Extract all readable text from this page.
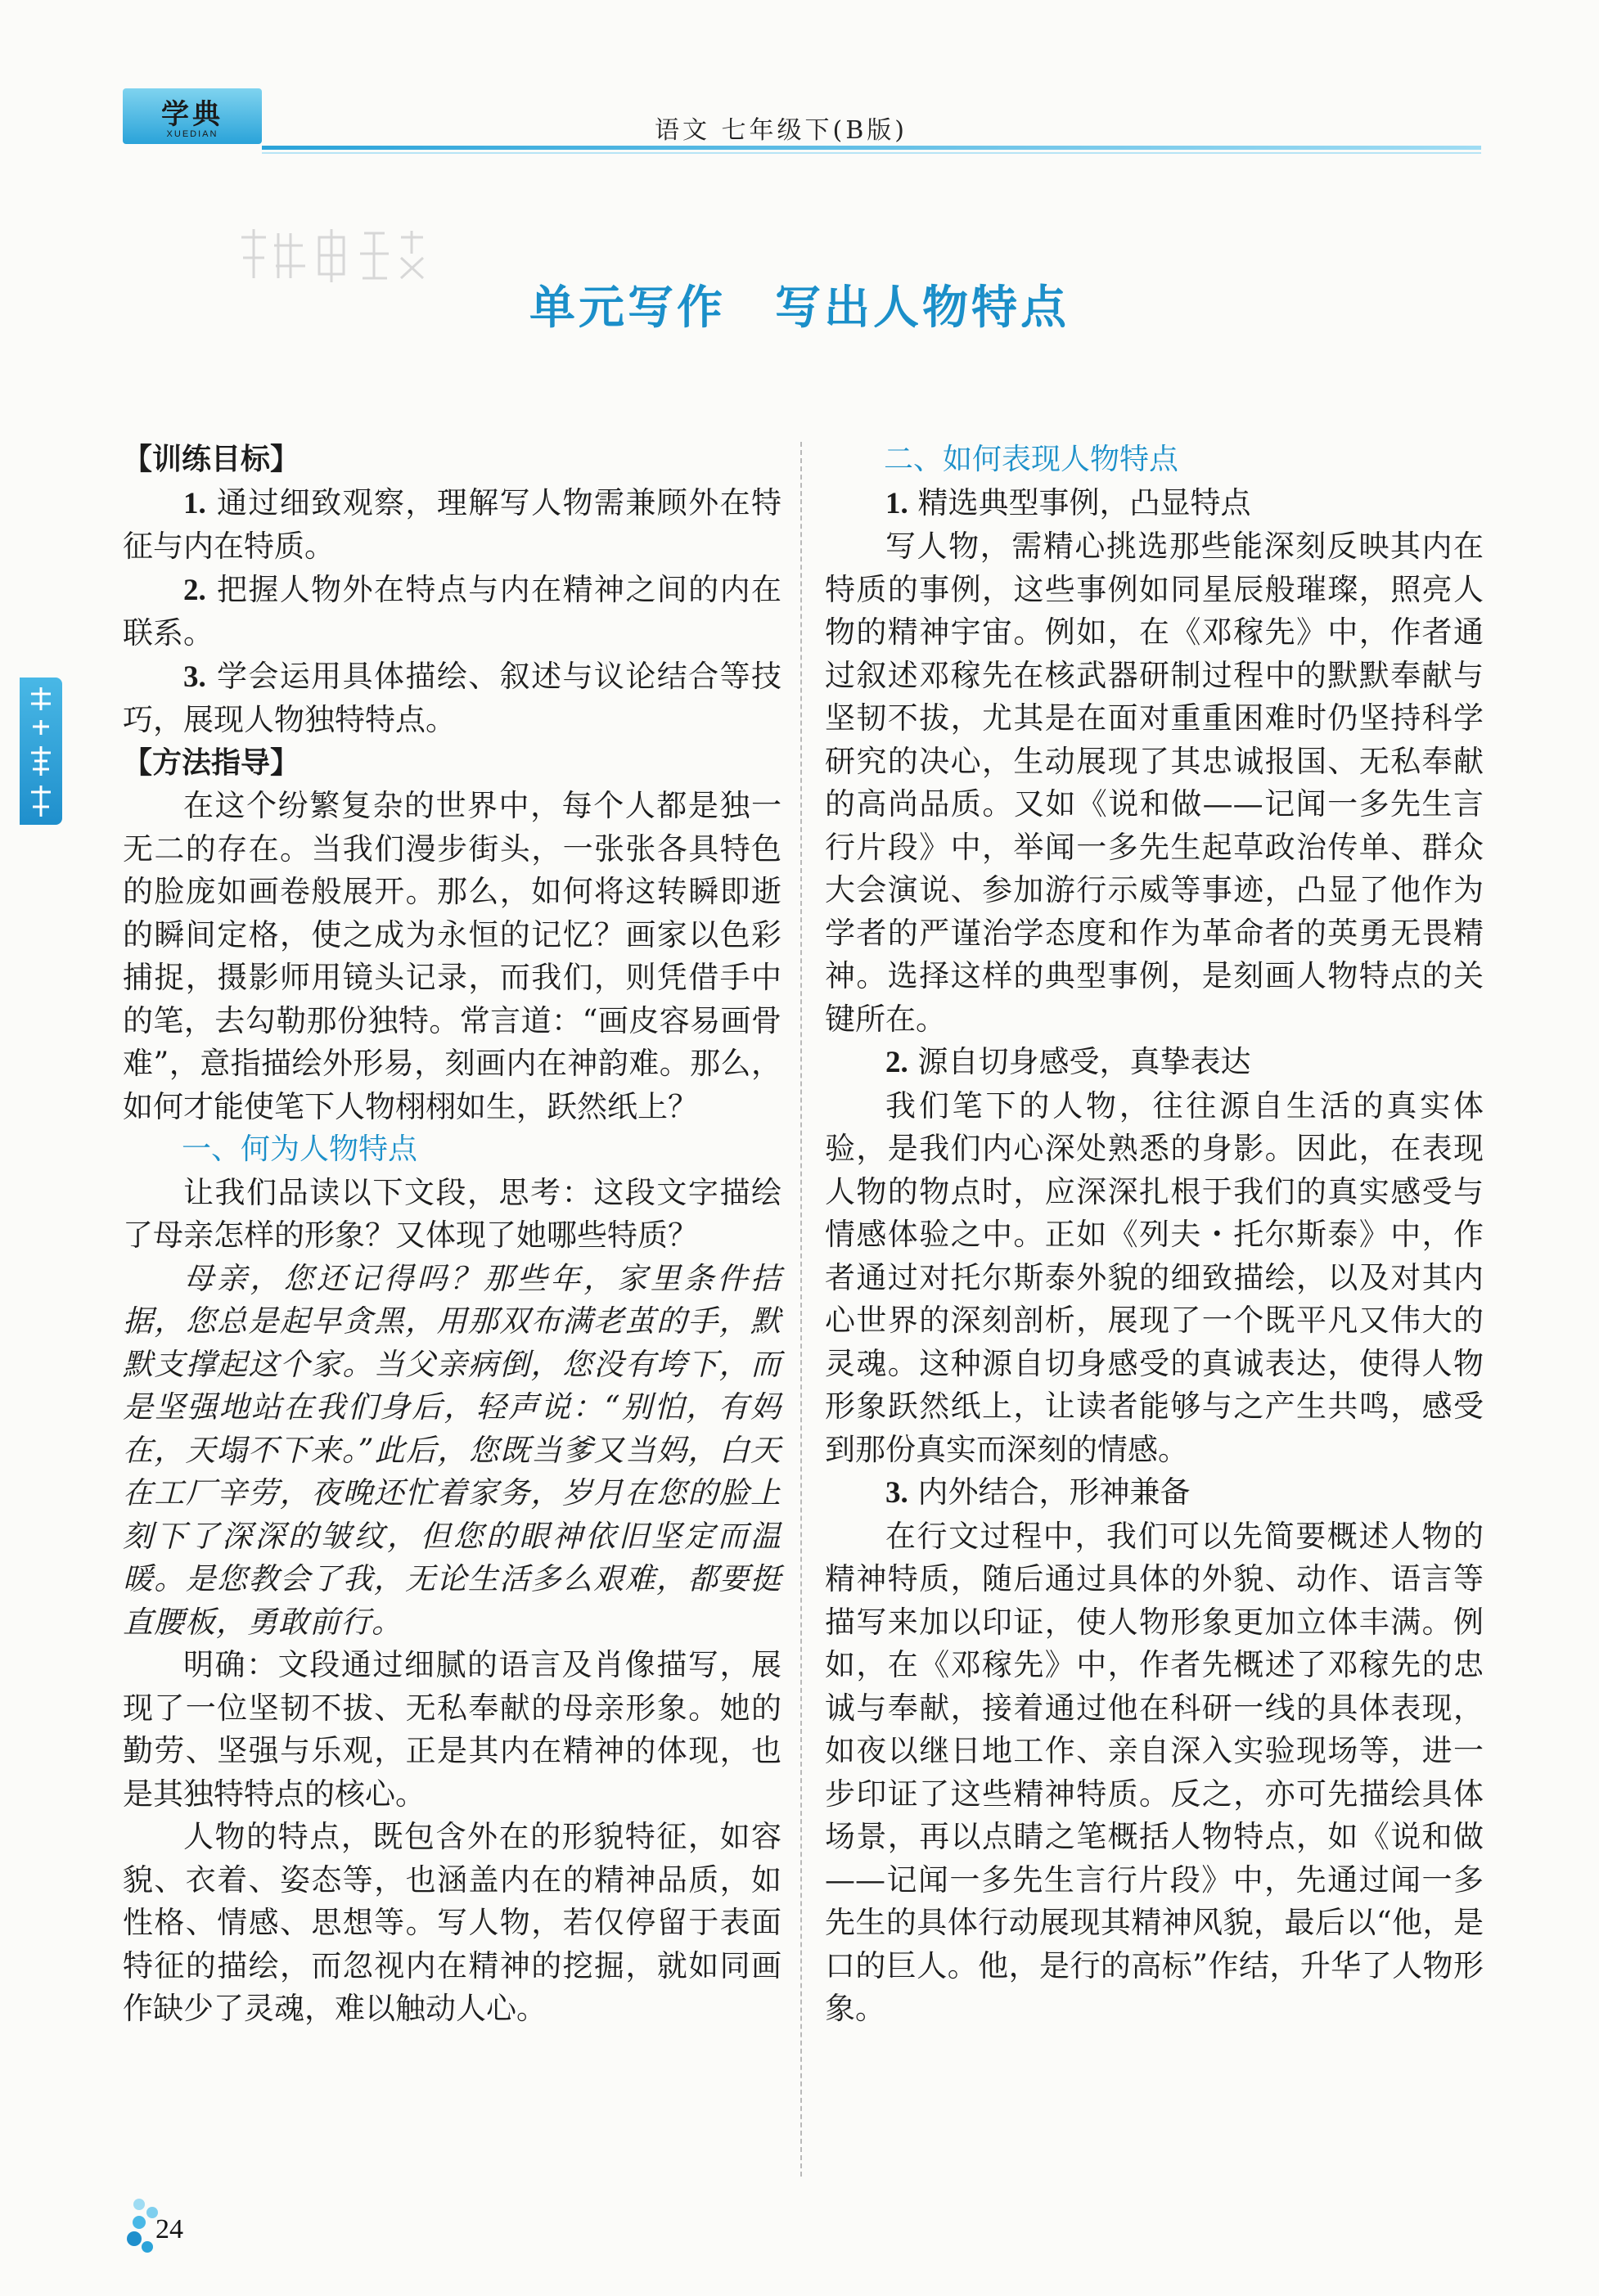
学典
XUEDIAN	语文 七年级下(B版)
单元写作　写出人物特点

【训练目标】

1. 通过细致观察，理解写人物需兼顾外在特征与内在特质。

2. 把握人物外在特点与内在精神之间的内在联系。

3. 学会运用具体描绘、叙述与议论结合等技巧，展现人物独特特点。

【方法指导】

在这个纷繁复杂的世界中，每个人都是独一无二的存在。当我们漫步街头，一张张各具特色的脸庞如画卷般展开。那么，如何将这转瞬即逝的瞬间定格，使之成为永恒的记忆？画家以色彩捕捉，摄影师用镜头记录，而我们，则凭借手中的笔，去勾勒那份独特。常言道：“画皮容易画骨难”，意指描绘外形易，刻画内在神韵难。那么，如何才能使笔下人物栩栩如生，跃然纸上？

一、何为人物特点

让我们品读以下文段，思考：这段文字描绘了母亲怎样的形象？又体现了她哪些特质？

母亲，您还记得吗？那些年，家里条件拮据，您总是起早贪黑，用那双布满老茧的手，默默支撑起这个家。当父亲病倒，您没有垮下，而是坚强地站在我们身后，轻声说：“别怕，有妈在，天塌不下来。”此后，您既当爹又当妈，白天在工厂辛劳，夜晚还忙着家务，岁月在您的脸上刻下了深深的皱纹，但您的眼神依旧坚定而温暖。是您教会了我，无论生活多么艰难，都要挺直腰板，勇敢前行。

明确：文段通过细腻的语言及肖像描写，展现了一位坚韧不拔、无私奉献的母亲形象。她的勤劳、坚强与乐观，正是其内在精神的体现，也是其独特特点的核心。

人物的特点，既包含外在的形貌特征，如容貌、衣着、姿态等，也涵盖内在的精神品质，如性格、情感、思想等。写人物，若仅停留于表面特征的描绘，而忽视内在精神的挖掘，就如同画作缺少了灵魂，难以触动人心。

二、如何表现人物特点

1. 精选典型事例，凸显特点

写人物，需精心挑选那些能深刻反映其内在特质的事例，这些事例如同星辰般璀璨，照亮人物的精神宇宙。例如，在《邓稼先》中，作者通过叙述邓稼先在核武器研制过程中的默默奉献与坚韧不拔，尤其是在面对重重困难时仍坚持科学研究的决心，生动展现了其忠诚报国、无私奉献的高尚品质。又如《说和做——记闻一多先生言行片段》中，举闻一多先生起草政治传单、群众大会演说、参加游行示威等事迹，凸显了他作为学者的严谨治学态度和作为革命者的英勇无畏精神。选择这样的典型事例，是刻画人物特点的关键所在。

2. 源自切身感受，真挚表达

我们笔下的人物，往往源自生活的真实体验，是我们内心深处熟悉的身影。因此，在表现人物的物点时，应深深扎根于我们的真实感受与情感体验之中。正如《列夫・托尔斯泰》中，作者通过对托尔斯泰外貌的细致描绘，以及对其内心世界的深刻剖析，展现了一个既平凡又伟大的灵魂。这种源自切身感受的真诚表达，使得人物形象跃然纸上，让读者能够与之产生共鸣，感受到那份真实而深刻的情感。

3. 内外结合，形神兼备

在行文过程中，我们可以先简要概述人物的精神特质，随后通过具体的外貌、动作、语言等描写来加以印证，使人物形象更加立体丰满。例如，在《邓稼先》中，作者先概述了邓稼先的忠诚与奉献，接着通过他在科研一线的具体表现，如夜以继日地工作、亲自深入实验现场等，进一步印证了这些精神特质。反之，亦可先描绘具体场景，再以点睛之笔概括人物特点，如《说和做——记闻一多先生言行片段》中，先通过闻一多先生的具体行动展现其精神风貌，最后以“他，是口的巨人。他，是行的高标”作结，升华了人物形象。

24
